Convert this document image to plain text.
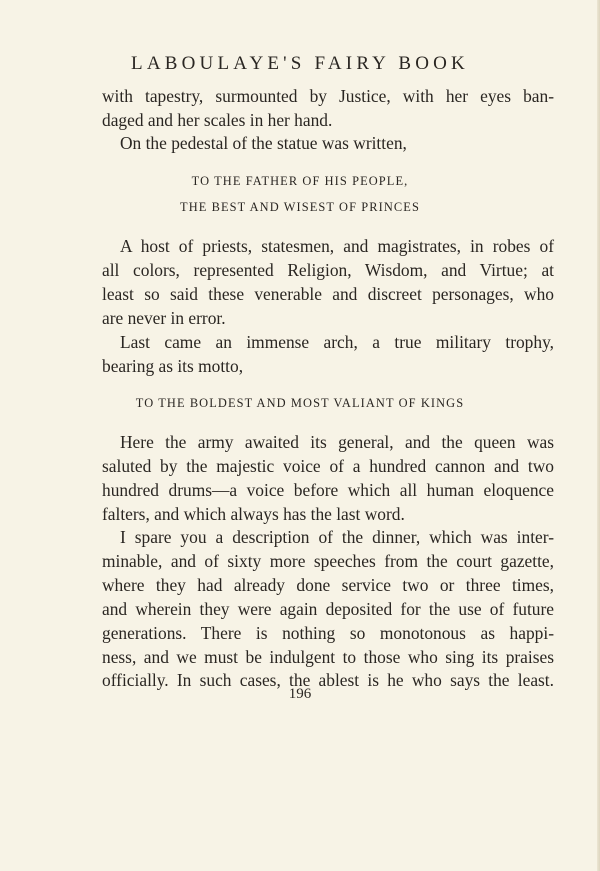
LABOULAYE'S FAIRY BOOK
with tapestry, surmounted by Justice, with her eyes ban-
daged and her scales in her hand.
On the pedestal of the statue was written,
TO THE FATHER OF HIS PEOPLE,
THE BEST AND WISEST OF PRINCES
A host of priests, statesmen, and magistrates, in robes of
all colors, represented Religion, Wisdom, and Virtue; at
least so said these venerable and discreet personages, who
are never in error.
Last came an immense arch, a true military trophy,
bearing as its motto,
TO THE BOLDEST AND MOST VALIANT OF KINGS
Here the army awaited its general, and the queen was
saluted by the majestic voice of a hundred cannon and two
hundred drums—a voice before which all human eloquence
falters, and which always has the last word.
I spare you a description of the dinner, which was inter-
minable, and of sixty more speeches from the court gazette,
where they had already done service two or three times,
and wherein they were again deposited for the use of future
generations. There is nothing so monotonous as happi-
ness, and we must be indulgent to those who sing its praises
officially. In such cases, the ablest is he who says the least.
196
